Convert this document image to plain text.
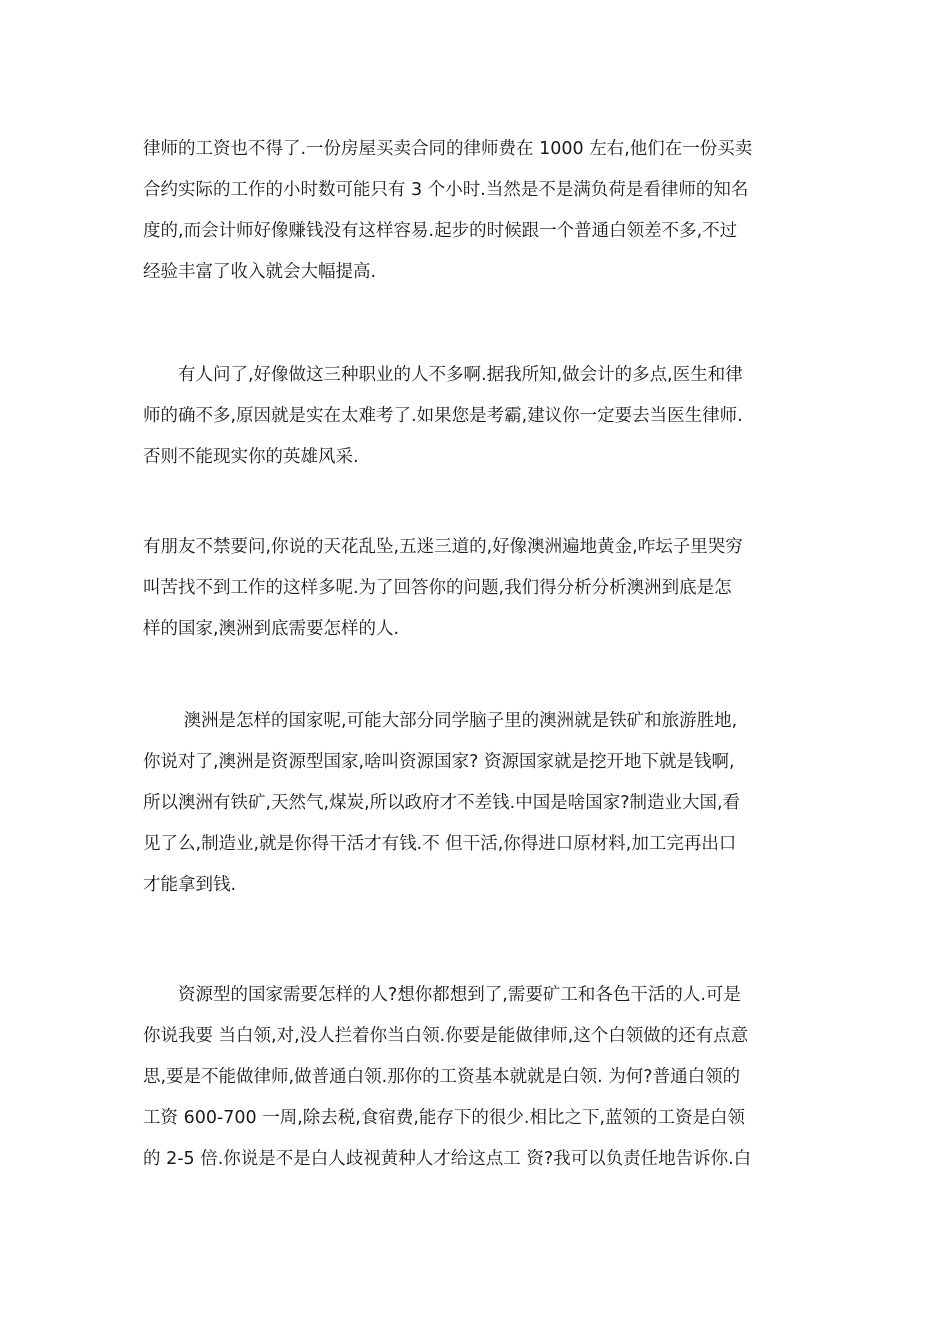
律师的工资也不得了.一份房屋买卖合同的律师费在 1000 左右,他们在一份买卖
合约实际的工作的小时数可能只有 3 个小时.当然是不是满负荷是看律师的知名
度的,而会计师好像赚钱没有这样容易.起步的时候跟一个普通白领差不多,不过
经验丰富了收入就会大幅提高.
　　有人问了,好像做这三种职业的人不多啊.据我所知,做会计的多点,医生和律
师的确不多,原因就是实在太难考了.如果您是考霸,建议你一定要去当医生律师.
否则不能现实你的英雄风采.
有朋友不禁要问,你说的天花乱坠,五迷三道的,好像澳洲遍地黄金,咋坛子里哭穷
叫苦找不到工作的这样多呢.为了回答你的问题,我们得分析分析澳洲到底是怎
样的国家,澳洲到底需要怎样的人.
　　 澳洲是怎样的国家呢,可能大部分同学脑子里的澳洲就是铁矿和旅游胜地,
你说对了,澳洲是资源型国家,啥叫资源国家? 资源国家就是挖开地下就是钱啊,
所以澳洲有铁矿,天然气,煤炭,所以政府才不差钱.中国是啥国家?制造业大国,看
见了么,制造业,就是你得干活才有钱.不 但干活,你得进口原材料,加工完再出口
才能拿到钱.
　　资源型的国家需要怎样的人?想你都想到了,需要矿工和各色干活的人.可是
你说我要 当白领,对,没人拦着你当白领.你要是能做律师,这个白领做的还有点意
思,要是不能做律师,做普通白领.那你的工资基本就就是白领. 为何?普通白领的
工资 600-700 一周,除去税,食宿费,能存下的很少.相比之下,蓝领的工资是白领
的 2-5 倍.你说是不是白人歧视黄种人才给这点工 资?我可以负责任地告诉你.白
